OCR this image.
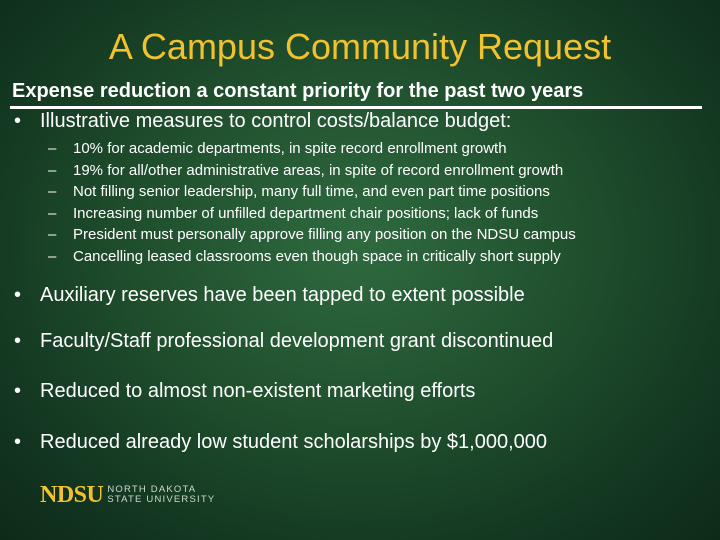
A Campus Community Request
Expense reduction a constant priority for the past two years
• Illustrative measures to control costs/balance budget:
– 10% for academic departments, in spite record enrollment growth
– 19% for all/other administrative areas, in spite of record enrollment growth
– Not filling senior leadership, many full time, and even part time positions
– Increasing number of unfilled department chair positions; lack of funds
– President must personally approve filling any position on the NDSU campus
– Cancelling leased classrooms even though space in critically short supply
• Auxiliary reserves have been tapped to extent possible
• Faculty/Staff professional development grant discontinued
• Reduced to almost non-existent marketing efforts
• Reduced already low student scholarships by $1,000,000
NDSU NORTH DAKOTA
STATE UNIVERSITY
